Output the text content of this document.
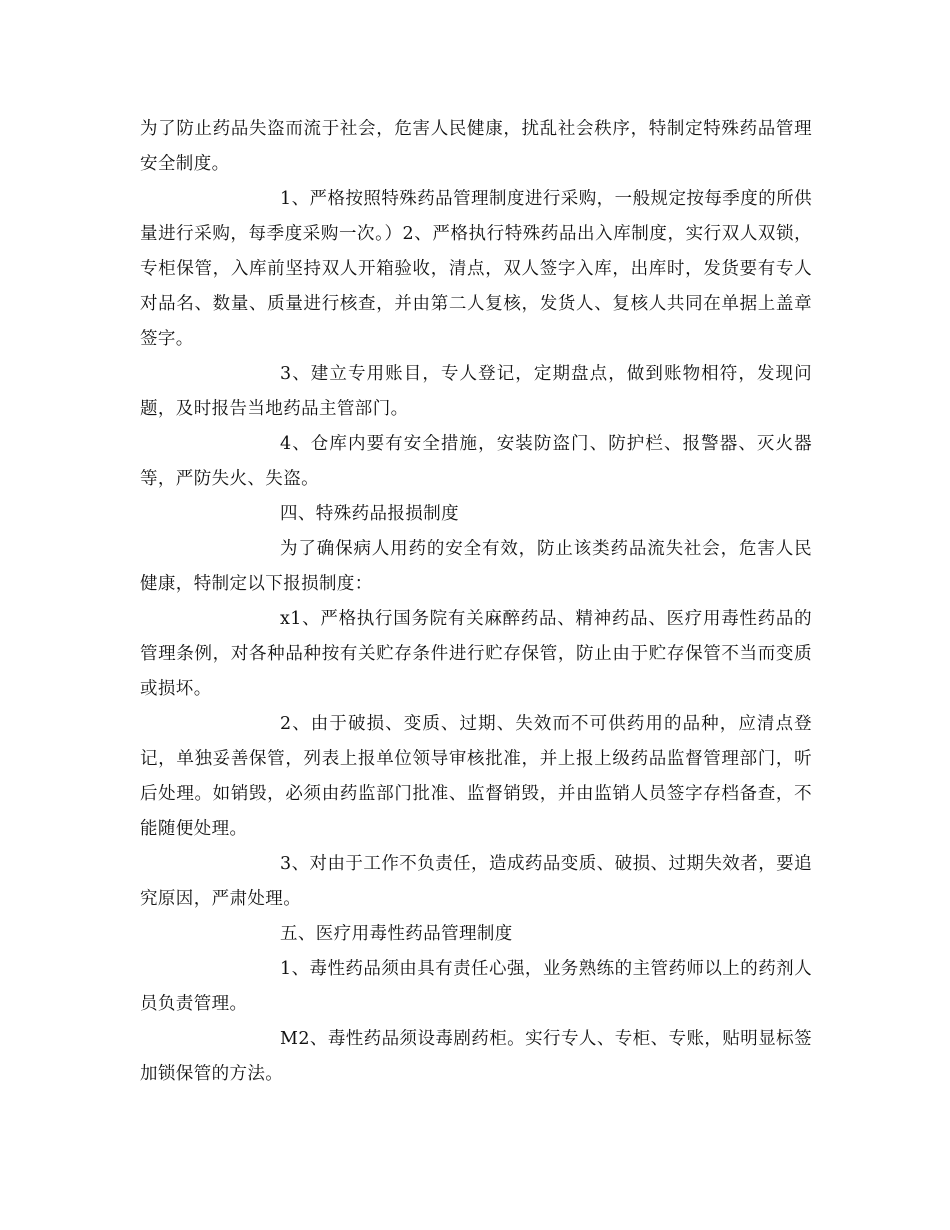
为了防止药品失盗而流于社会，危害人民健康，扰乱社会秩序，特制定特殊药品管理安全制度。

1、严格按照特殊药品管理制度进行采购，一般规定按每季度的所供量进行采购，每季度采购一次。）2、严格执行特殊药品出入库制度，实行双人双锁，专柜保管，入库前坚持双人开箱验收，清点，双人签字入库，出库时，发货要有专人对品名、数量、质量进行核查，并由第二人复核，发货人、复核人共同在单据上盖章签字。

3、建立专用账目，专人登记，定期盘点，做到账物相符，发现问题，及时报告当地药品主管部门。

4、仓库内要有安全措施，安装防盗门、防护栏、报警器、灭火器等，严防失火、失盗。

四、特殊药品报损制度

为了确保病人用药的安全有效，防止该类药品流失社会，危害人民健康，特制定以下报损制度：

x1、严格执行国务院有关麻醉药品、精神药品、医疗用毒性药品的管理条例，对各种品种按有关贮存条件进行贮存保管，防止由于贮存保管不当而变质或损坏。

2、由于破损、变质、过期、失效而不可供药用的品种，应清点登记，单独妥善保管，列表上报单位领导审核批准，并上报上级药品监督管理部门，听后处理。如销毁，必须由药监部门批准、监督销毁，并由监销人员签字存档备查，不能随便处理。

3、对由于工作不负责任，造成药品变质、破损、过期失效者，要追究原因，严肃处理。

五、医疗用毒性药品管理制度

1、毒性药品须由具有责任心强，业务熟练的主管药师以上的药剂人员负责管理。

M2、毒性药品须设毒剧药柜。实行专人、专柜、专账，贴明显标签加锁保管的方法。
